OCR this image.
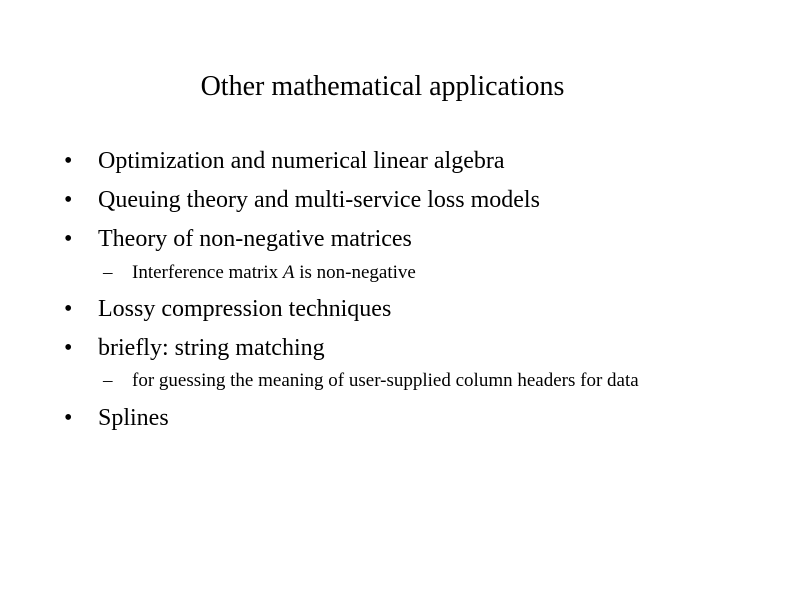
Other mathematical applications
• Optimization and numerical linear algebra
• Queuing theory and multi-service loss models
• Theory of non-negative matrices
– Interference matrix A is non-negative
• Lossy compression techniques
• briefly: string matching
– for guessing the meaning of user-supplied column headers for data
• Splines
